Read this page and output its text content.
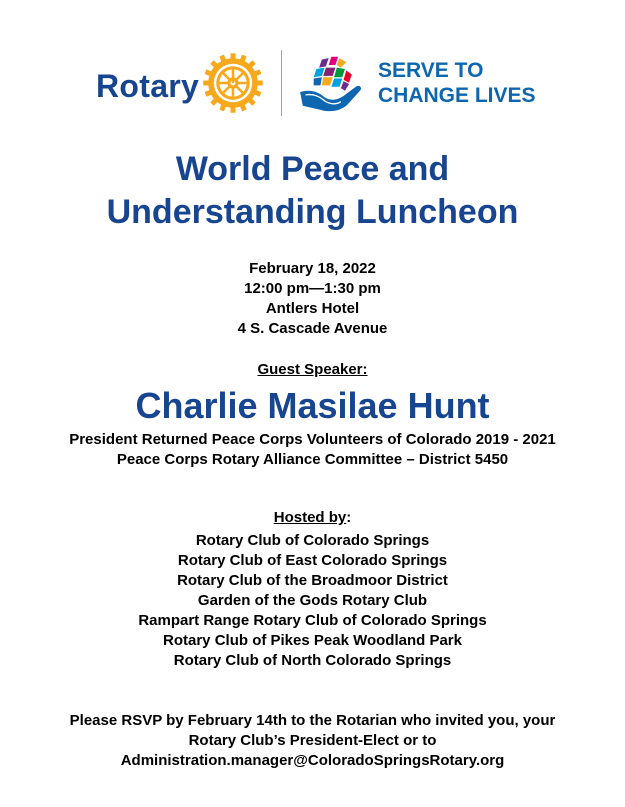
Rotary	SERVE TO
CHANGE LIVES
World Peace and
Understanding Luncheon
February 18, 2022
12:00 pm—1:30 pm
Antlers Hotel
4 S. Cascade Avenue
Guest Speaker:
Charlie Masilae Hunt
President Returned Peace Corps Volunteers of Colorado 2019 - 2021
Peace Corps Rotary Alliance Committee – District 5450
Hosted by:
Rotary Club of Colorado Springs
Rotary Club of East Colorado Springs
Rotary Club of the Broadmoor District
Garden of the Gods Rotary Club
Rampart Range Rotary Club of Colorado Springs
Rotary Club of Pikes Peak Woodland Park
Rotary Club of North Colorado Springs
Please RSVP by February 14th to the Rotarian who invited you, your
Rotary Club’s President-Elect or to
Administration.manager@ColoradoSpringsRotary.org
